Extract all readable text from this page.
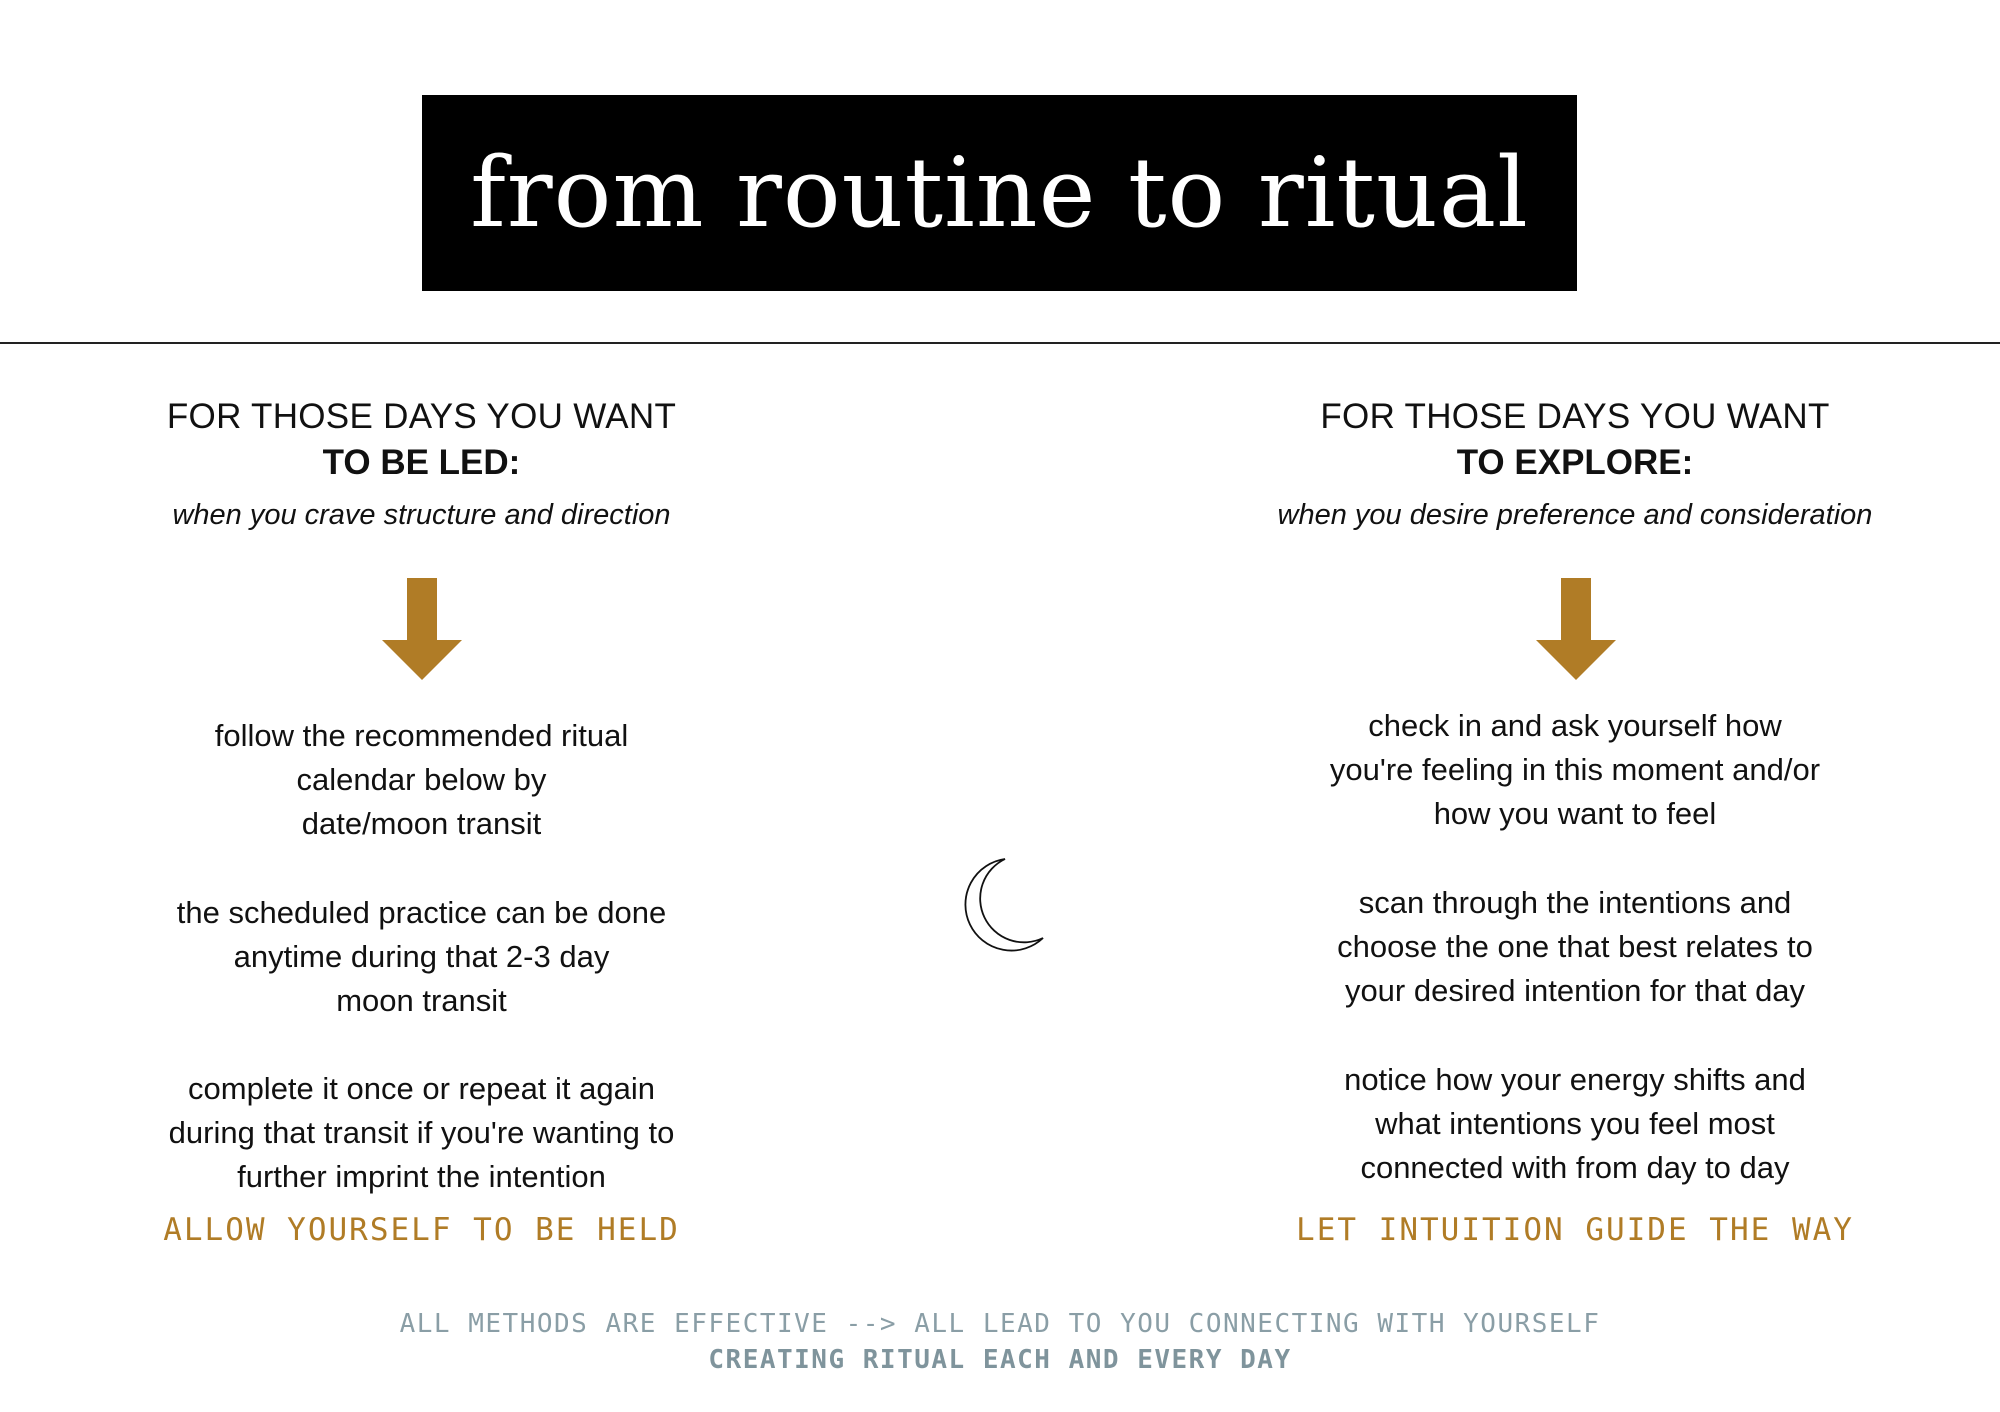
from routine to ritual
FOR THOSE DAYS YOU WANT
TO BE LED:
when you crave structure and direction
follow the recommended ritual
calendar below by
date/moon transit
the scheduled practice can be done
anytime during that 2-3 day
moon transit
complete it once or repeat it again
during that transit if you're wanting to
further imprint the intention
ALLOW YOURSELF TO BE HELD
FOR THOSE DAYS YOU WANT
TO EXPLORE:
when you desire preference and consideration
check in and ask yourself how
you're feeling in this moment and/or
how you want to feel
scan through the intentions and
choose the one that best relates to
your desired intention for that day
notice how your energy shifts and
what intentions you feel most
connected with from day to day
LET INTUITION GUIDE THE WAY
ALL METHODS ARE EFFECTIVE --> ALL LEAD TO YOU CONNECTING WITH YOURSELF
CREATING RITUAL EACH AND EVERY DAY
